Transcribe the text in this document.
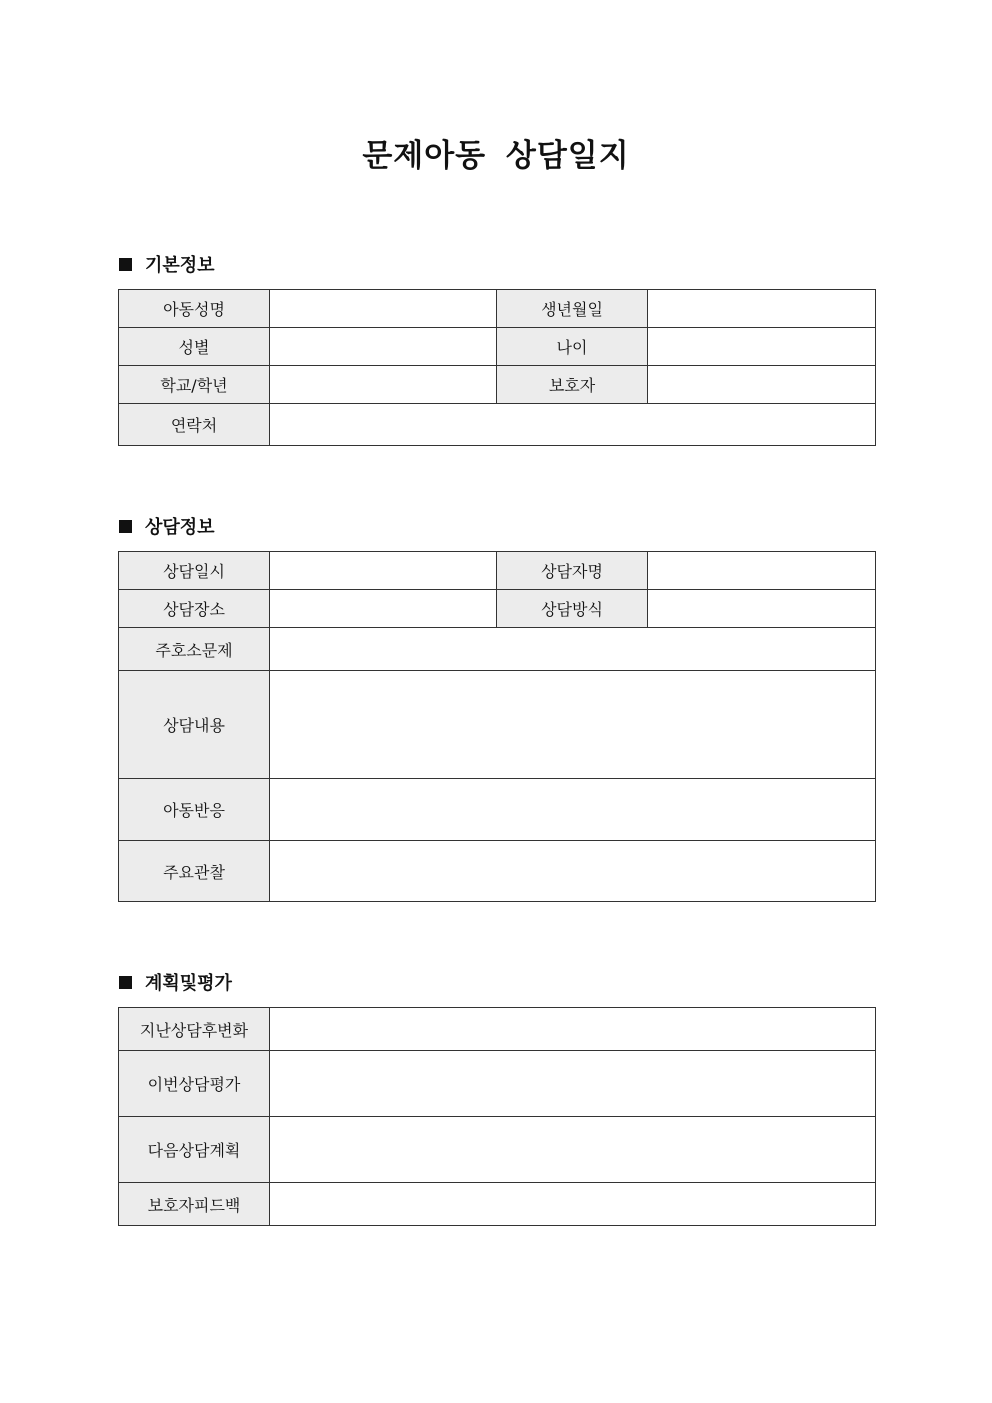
문제아동 상담일지
기본정보
아동성명		생년월일	
성별		나이	
학교/학년		보호자	
연락처			
상담정보
상담일시		상담자명	
상담장소		상담방식	
주호소문제			
상담내용			
아동반응			
주요관찰			
계획및평가
지난상담후변화	
이번상담평가	
다음상담계획	
보호자피드백	
